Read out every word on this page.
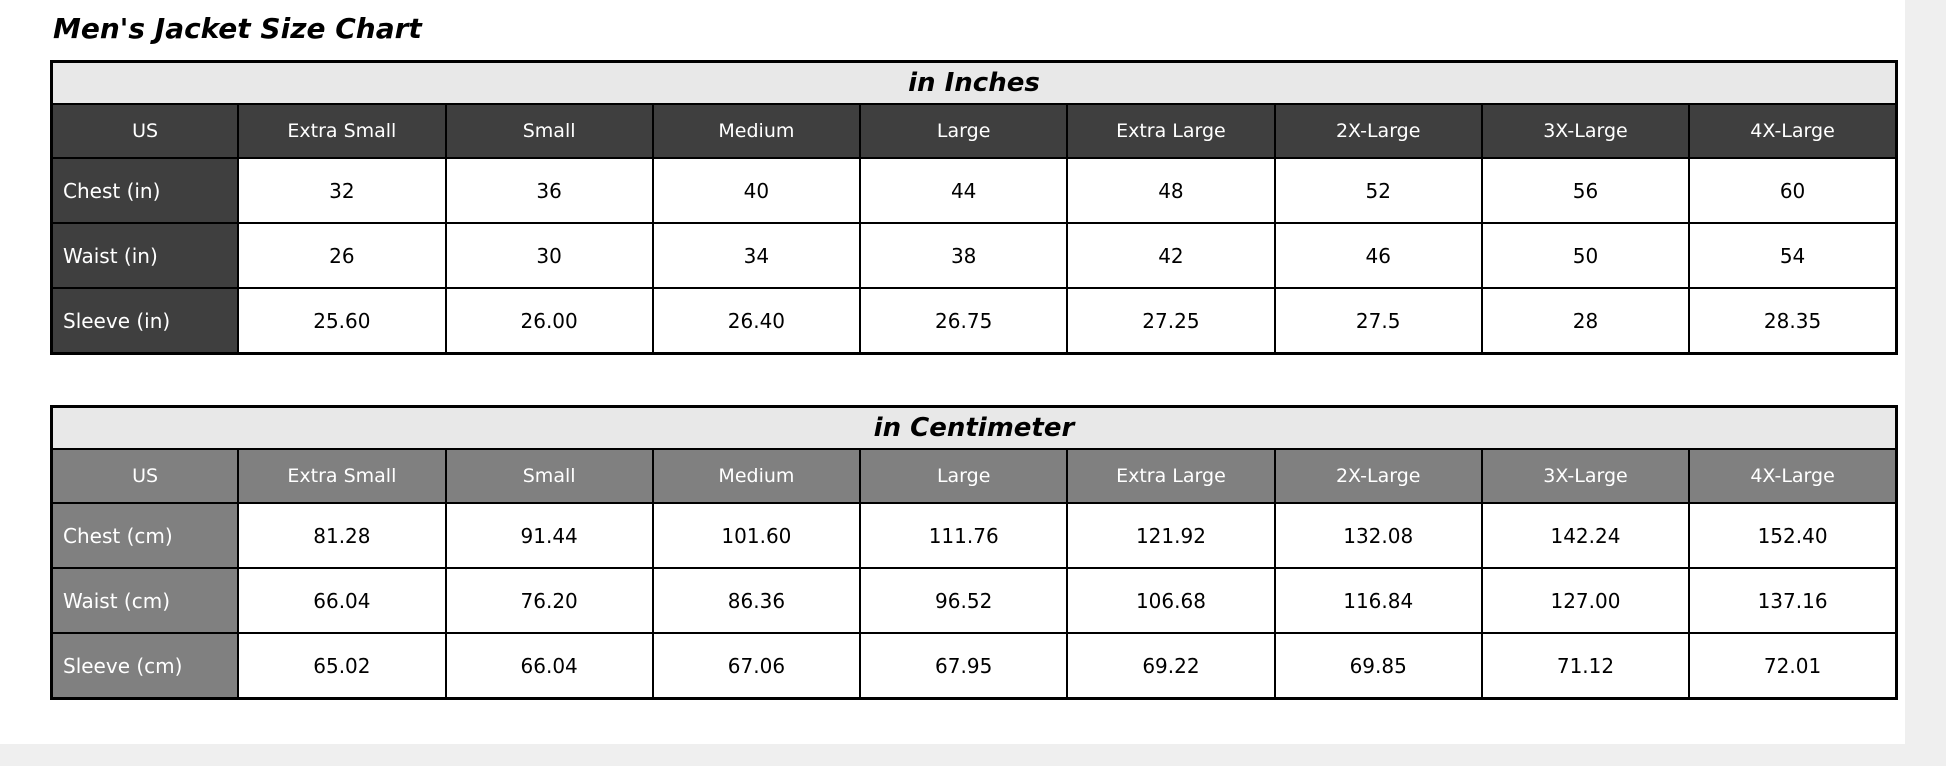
Men's Jacket Size Chart
in Inches								
US	Extra Small	Small	Medium	Large	Extra Large	2X-Large	3X-Large	4X-Large
Chest (in)	32	36	40	44	48	52	56	60
Waist (in)	26	30	34	38	42	46	50	54
Sleeve (in)	25.60	26.00	26.40	26.75	27.25	27.5	28	28.35
in Centimeter								
US	Extra Small	Small	Medium	Large	Extra Large	2X-Large	3X-Large	4X-Large
Chest (cm)	81.28	91.44	101.60	111.76	121.92	132.08	142.24	152.40
Waist (cm)	66.04	76.20	86.36	96.52	106.68	116.84	127.00	137.16
Sleeve (cm)	65.02	66.04	67.06	67.95	69.22	69.85	71.12	72.01
